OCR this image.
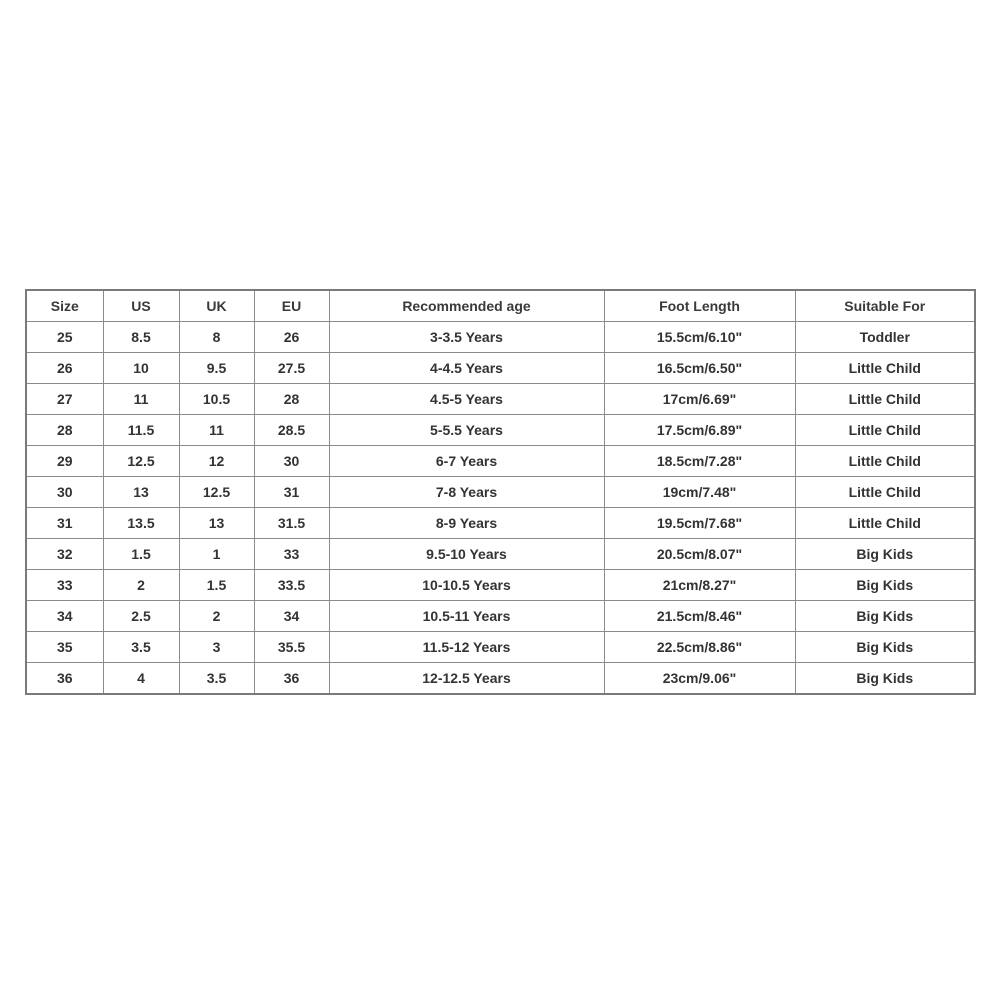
Size	US	UK	EU	Recommended age	Foot Length	Suitable For
25	8.5	8	26	3-3.5 Years	15.5cm/6.10"	Toddler
26	10	9.5	27.5	4-4.5 Years	16.5cm/6.50"	Little Child
27	11	10.5	28	4.5-5 Years	17cm/6.69"	Little Child
28	11.5	11	28.5	5-5.5 Years	17.5cm/6.89"	Little Child
29	12.5	12	30	6-7 Years	18.5cm/7.28"	Little Child
30	13	12.5	31	7-8 Years	19cm/7.48"	Little Child
31	13.5	13	31.5	8-9 Years	19.5cm/7.68"	Little Child
32	1.5	1	33	9.5-10 Years	20.5cm/8.07"	Big Kids
33	2	1.5	33.5	10-10.5 Years	21cm/8.27"	Big Kids
34	2.5	2	34	10.5-11 Years	21.5cm/8.46"	Big Kids
35	3.5	3	35.5	11.5-12 Years	22.5cm/8.86"	Big Kids
36	4	3.5	36	12-12.5 Years	23cm/9.06"	Big Kids
